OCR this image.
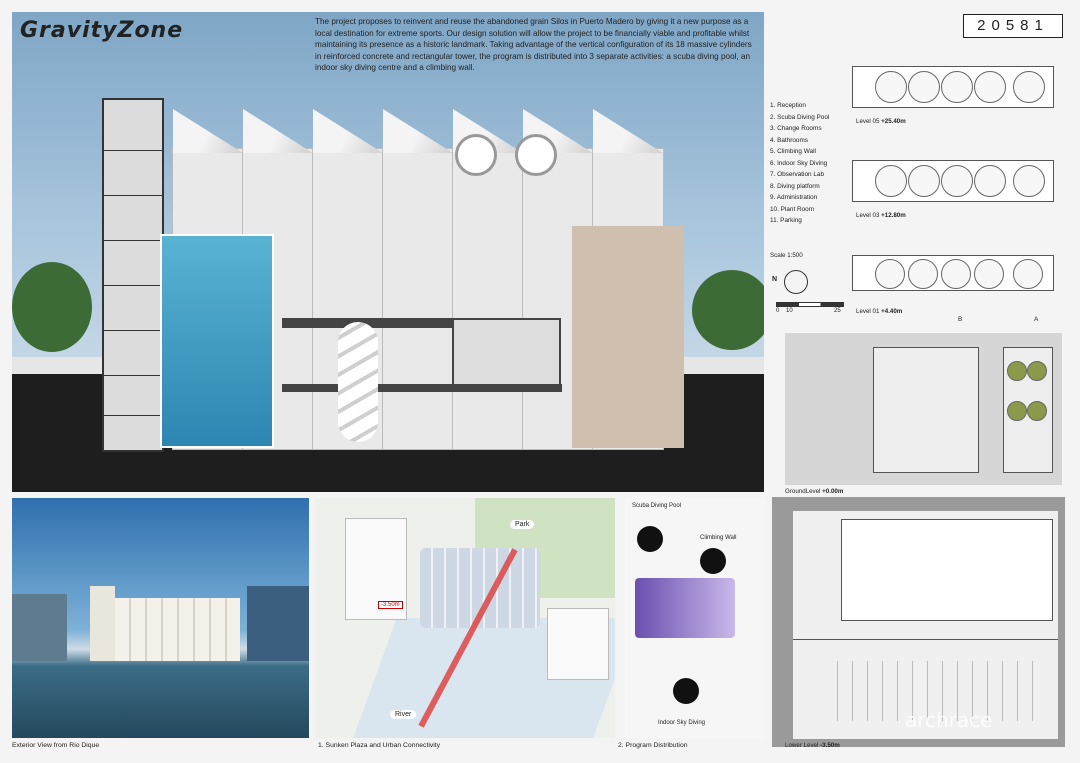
GravityZone	The project proposes to reinvent and reuse the abandoned grain Silos in Puerto Madero by giving it a new purpose as a local destination for extreme sports. Our design solution will allow the project to be financially viable and profitable whilst maintaining its presence as a historic landmark. Taking advantage of the vertical configuration of its 18 massive cylinders in reinforced concrete and rectangular tower, the program is distributed into 3 separate activities: a scuba diving pool, an indoor sky diving centre and a climbing wall.
20581
1. Reception
2. Scuba Diving Pool
3. Change Rooms
4. Bathrooms
5. Climbing Wall
6. Indoor Sky Diving
7. Observation Lab
8. Diving platform
9. Administration
10. Plant Room
11. Parking
Scale 1:500
N
0 10	25
Level 05 +25.40m
Level 03 +12.80m
Level 01 +4.40m
B	A
GroundLevel +0.00m
Lower Level -3.50m
Exterior View from Rio Dique
Park
River
-3.50m
1. Sunken Plaza and Urban Connectivity
Scuba Diving Pool
Climbing Wall
Indoor Sky Diving
2. Program Distribution
archrace
